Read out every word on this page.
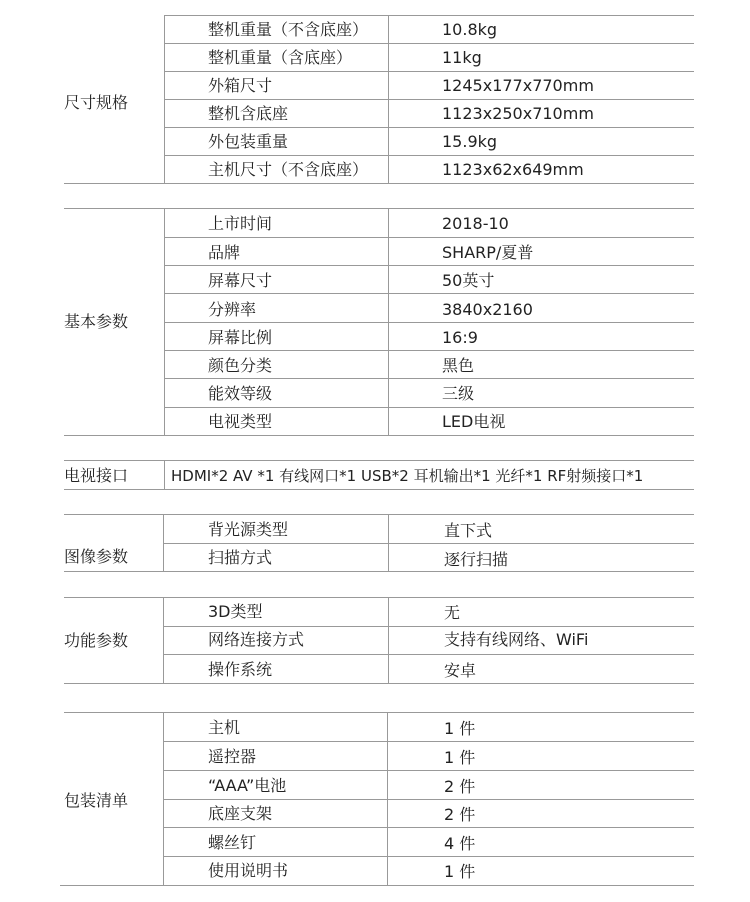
尺寸规格
整机重量（不含底座）	10.8kg
整机重量（含底座）	11kg
外箱尺寸	1245x177x770mm
整机含底座	1123x250x710mm
外包装重量	15.9kg
主机尺寸（不含底座）	1123x62x649mm
基本参数
上市时间	2018-10
品牌	SHARP/夏普
屏幕尺寸	50英寸
分辨率	3840x2160
屏幕比例	16:9
颜色分类	黑色
能效等级	三级
电视类型	LED电视
电视接口	HDMI*2 AV *1 有线网口*1 USB*2 耳机输出*1 光纤*1 RF射频接口*1
图像参数
背光源类型	直下式
扫描方式	逐行扫描
功能参数
3D类型	无
网络连接方式	支持有线网络、WiFi
操作系统	安卓
包装清单
主机	1 件
遥控器	1 件
“AAA”电池	2 件
底座支架	2 件
螺丝钉	4 件
使用说明书	1 件
